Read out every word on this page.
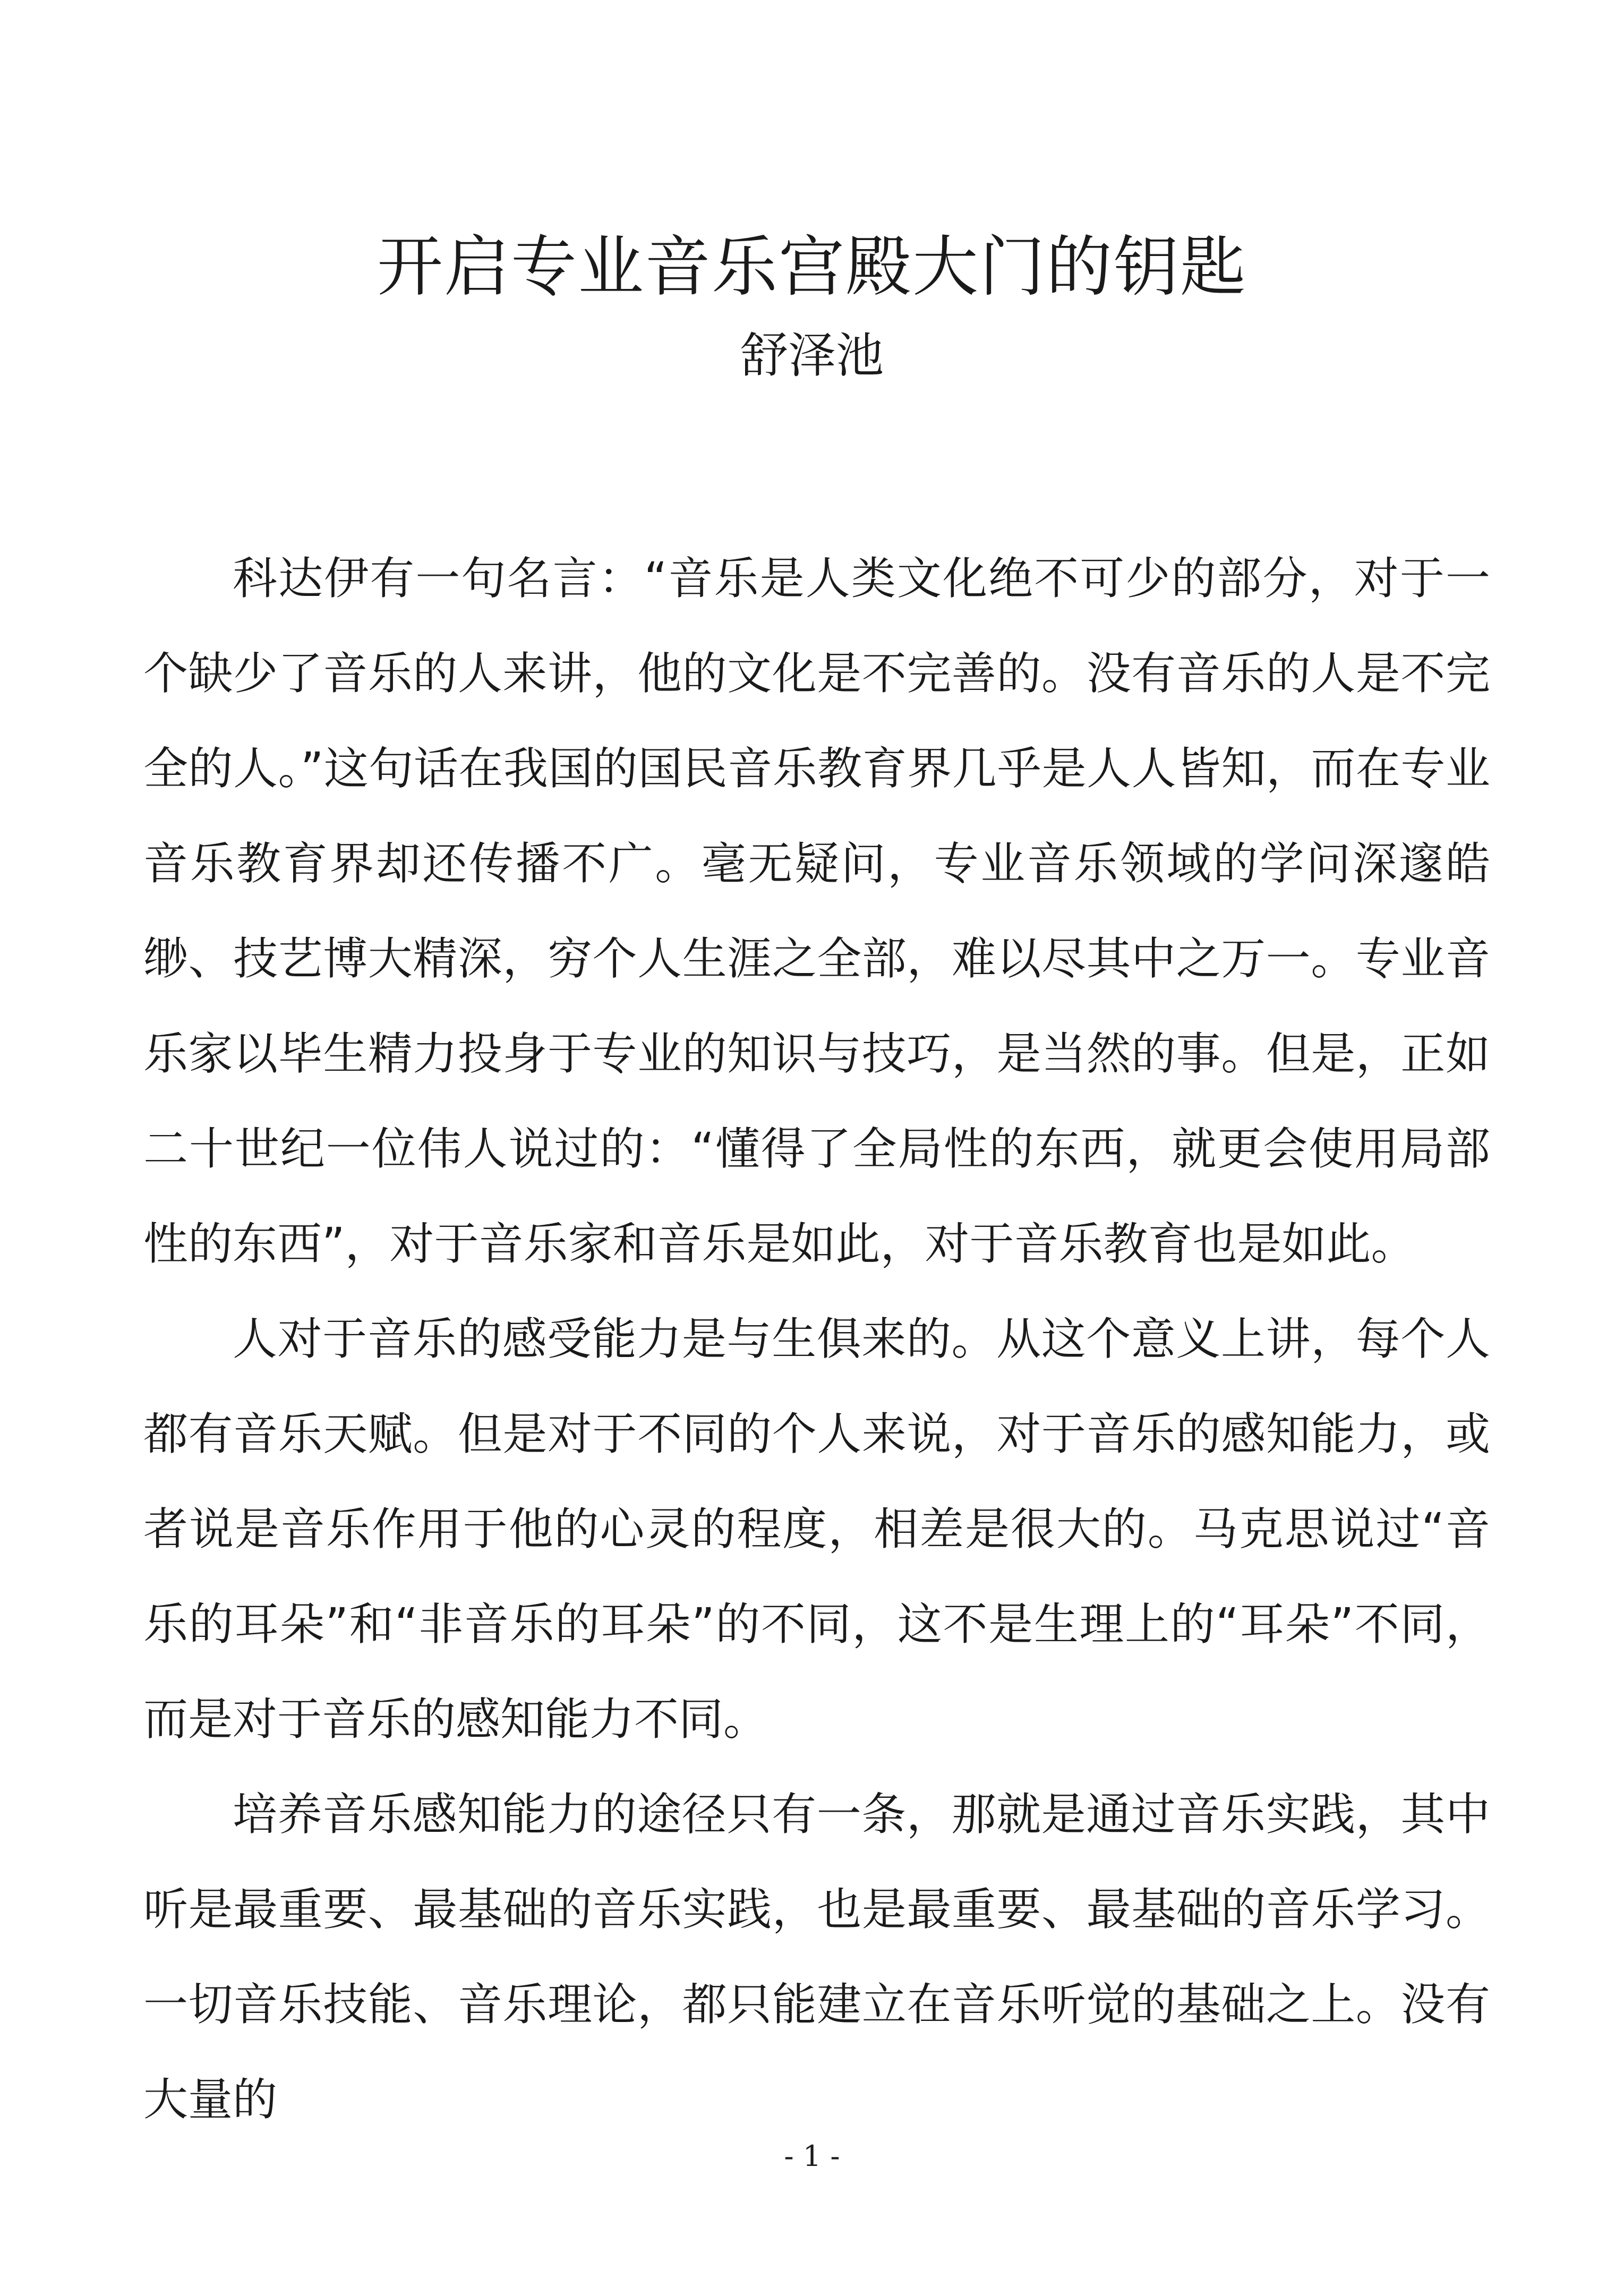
开启专业音乐宫殿大门的钥匙
舒泽池

科达伊有一句名言：“音乐是人类文化绝不可少的部分，对于一个缺少了音乐的人来讲，他的文化是不完善的。没有音乐的人是不完全的人。”这句话在我国的国民音乐教育界几乎是人人皆知，而在专业音乐教育界却还传播不广。毫无疑问，专业音乐领域的学问深邃皓缈、技艺博大精深，穷个人生涯之全部，难以尽其中之万一。专业音乐家以毕生精力投身于专业的知识与技巧，是当然的事。但是，正如二十世纪一位伟人说过的：“懂得了全局性的东西，就更会使用局部性的东西”，对于音乐家和音乐是如此，对于音乐教育也是如此。

人对于音乐的感受能力是与生俱来的。从这个意义上讲，每个人都有音乐天赋。但是对于不同的个人来说，对于音乐的感知能力，或者说是音乐作用于他的心灵的程度，相差是很大的。马克思说过“音乐的耳朵”和“非音乐的耳朵”的不同，这不是生理上的“耳朵”不同，而是对于音乐的感知能力不同。

培养音乐感知能力的途径只有一条，那就是通过音乐实践，其中听是最重要、最基础的音乐实践，也是最重要、最基础的音乐学习。一切音乐技能、音乐理论，都只能建立在音乐听觉的基础之上。没有大量的

- 1 -
